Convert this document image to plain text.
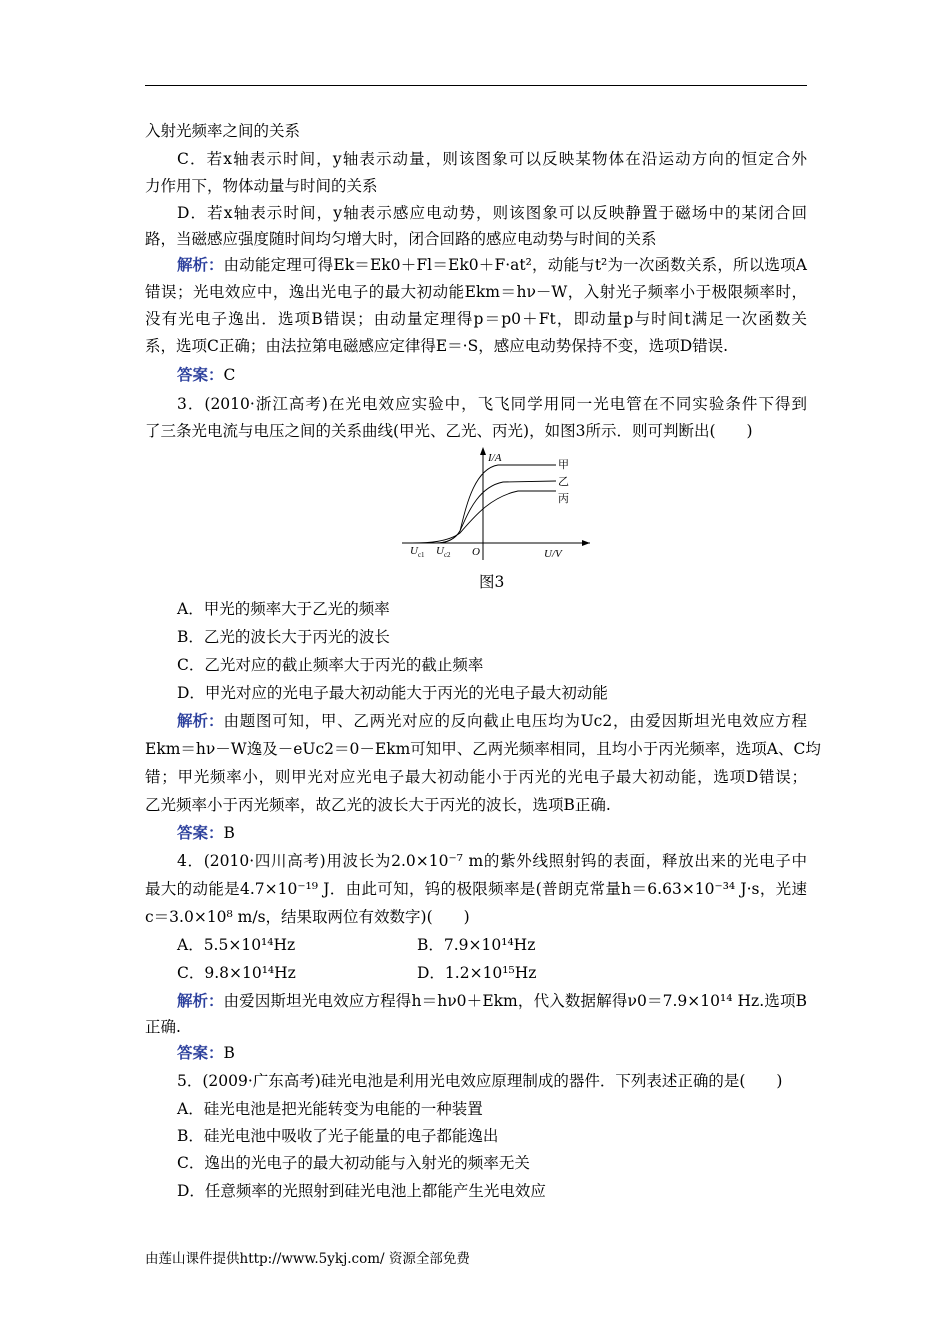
入射光频率之间的关系
C．若x轴表示时间，y轴表示动量，则该图象可以反映某物体在沿运动方向的恒定合外
力作用下，物体动量与时间的关系
D．若x轴表示时间，y轴表示感应电动势，则该图象可以反映静置于磁场中的某闭合回
路，当磁感应强度随时间均匀增大时，闭合回路的感应电动势与时间的关系
解析： 由动能定理可得Ek＝Ek0＋Fl＝Ek0＋F·at²，动能与t²为一次函数关系，所以选项A
错误；光电效应中，逸出光电子的最大初动能Ekm＝hν－W，入射光子频率小于极限频率时，
没有光电子逸出．选项B错误；由动量定理得p＝p0＋Ft，即动量p与时间t满足一次函数关
系，选项C正确；由法拉第电磁感应定律得E＝·S，感应电动势保持不变，选项D错误.
答案：C
3．(2010·浙江高考)在光电效应实验中，飞飞同学用同一光电管在不同实验条件下得到
了三条光电流与电压之间的关系曲线(甲光、乙光、丙光)，如图3所示．则可判断出(　　)
I/A	甲
乙
丙
O	U/V
$U_{c1}$ $U_{c2}$
图3
A．甲光的频率大于乙光的频率
B．乙光的波长大于丙光的波长
C．乙光对应的截止频率大于丙光的截止频率
D．甲光对应的光电子最大初动能大于丙光的光电子最大初动能
解析： 由题图可知，甲、乙两光对应的反向截止电压均为Uc2，由爱因斯坦光电效应方程
Ekm＝hν－W逸及－eUc2＝0－Ekm可知甲、乙两光频率相同，且均小于丙光频率，选项A、C均
错；甲光频率小，则甲光对应光电子最大初动能小于丙光的光电子最大初动能，选项D错误；
乙光频率小于丙光频率，故乙光的波长大于丙光的波长，选项B正确.
答案：B
4．(2010·四川高考)用波长为2.0×10⁻⁷ m的紫外线照射钨的表面，释放出来的光电子中
最大的动能是4.7×10⁻¹⁹ J．由此可知，钨的极限频率是(普朗克常量h＝6.63×10⁻³⁴ J·s，光速
c＝3.0×10⁸ m/s，结果取两位有效数字)(　　)
A．5.5×10¹⁴Hz	B．7.9×10¹⁴Hz
C．9.8×10¹⁴Hz	D．1.2×10¹⁵Hz
解析： 由爱因斯坦光电效应方程得h＝hν0＋Ekm，代入数据解得ν0＝7.9×10¹⁴ Hz.选项B
正确.
答案：B
5．(2009·广东高考)硅光电池是利用光电效应原理制成的器件．下列表述正确的是(　　)
A．硅光电池是把光能转变为电能的一种装置
B．硅光电池中吸收了光子能量的电子都能逸出
C．逸出的光电子的最大初动能与入射光的频率无关
D．任意频率的光照射到硅光电池上都能产生光电效应
由莲山课件提供http://www.5ykj.com/ 资源全部免费
